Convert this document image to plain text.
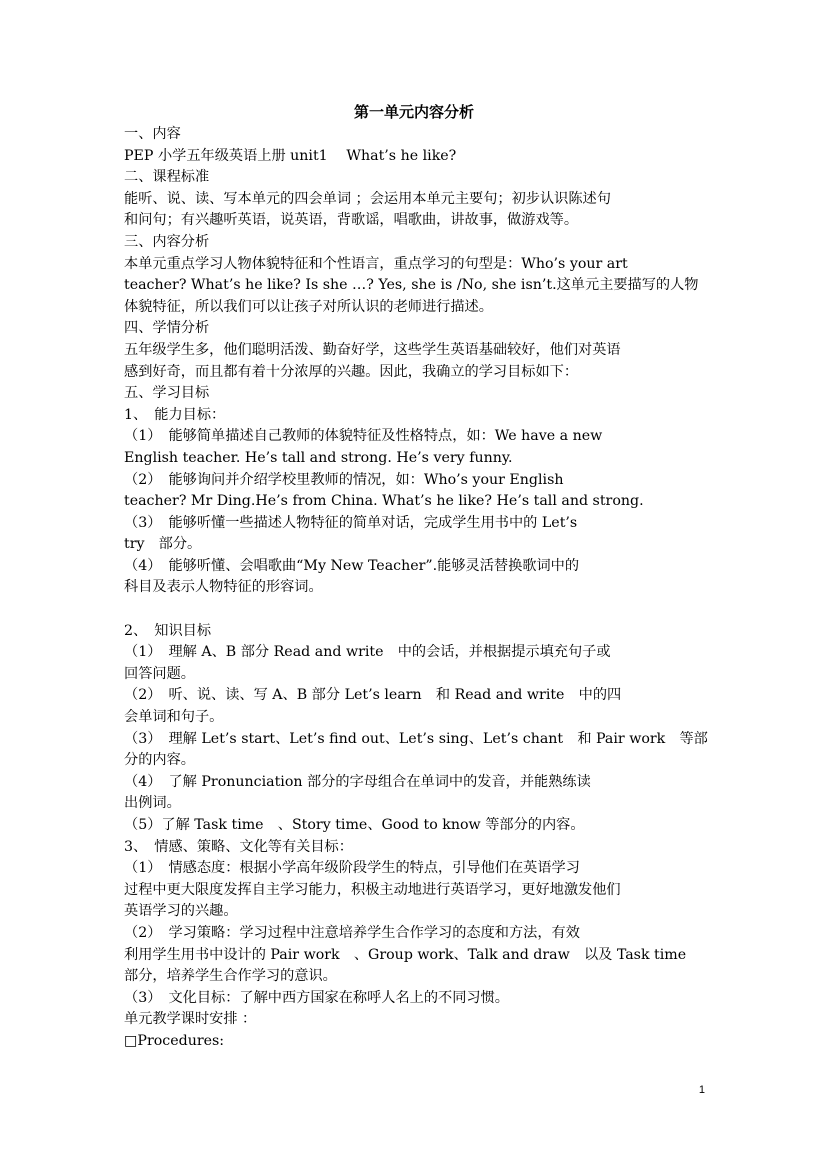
第一单元内容分析
一、内容
PEP 小学五年级英语上册 unit1　 What’s he like?
二、课程标准
能听、说、读、写本单元的四会单词 ；会运用本单元主要句；初步认识陈述句
和问句；有兴趣听英语，说英语，背歌谣，唱歌曲，讲故事，做游戏等。
三、内容分析
本单元重点学习人物体貌特征和个性语言，重点学习的句型是：Who’s your art
teacher? What’s he like? Is she …? Yes, she is /No, she isn’t.这单元主要描写的人物
体貌特征，所以我们可以让孩子对所认识的老师进行描述。
四、学情分析
五年级学生多，他们聪明活泼、勤奋好学，这些学生英语基础较好，他们对英语
感到好奇，而且都有着十分浓厚的兴趣。因此，我确立的学习目标如下：
五、学习目标
1、　能力目标：
（1）　能够简单描述自己教师的体貌特征及性格特点，如：We have a new
English teacher. He’s tall and strong. He’s very funny.
（2）　能够询问并介绍学校里教师的情况，如：Who’s your English
teacher? Mr Ding.He’s from China. What’s he like? He’s tall and strong.
（3）　能够听懂一些描述人物特征的简单对话，完成学生用书中的 Let’s
try　部分。
（4）　能够听懂、会唱歌曲“My New Teacher”.能够灵活替换歌词中的
科目及表示人物特征的形容词。
2、　知识目标
（1）　理解 A、B 部分 Read and write　中的会话，并根据提示填充句子或
回答问题。
（2）　听、说、读、写 A、B 部分 Let’s learn　和 Read and write　中的四
会单词和句子。
（3）　理解 Let’s start、Let’s find out、Let’s sing、Let’s chant　和 Pair work　等部
分的内容。
（4）　了解 Pronunciation 部分的字母组合在单词中的发音，并能熟练读
出例词。
（5）了解 Task time　、Story time、Good to know 等部分的内容。
3、　情感、策略、文化等有关目标：
（1）　情感态度：根据小学高年级阶段学生的特点，引导他们在英语学习
过程中更大限度发挥自主学习能力，积极主动地进行英语学习，更好地激发他们
英语学习的兴趣。
（2）　学习策略：学习过程中注意培养学生合作学习的态度和方法，有效
利用学生用书中设计的 Pair work　、Group work、Talk and draw　以及 Task time
部分，培养学生合作学习的意识。
（3）　文化目标：了解中西方国家在称呼人名上的不同习惯。
单元教学课时安排 ：
□Procedures:
1
